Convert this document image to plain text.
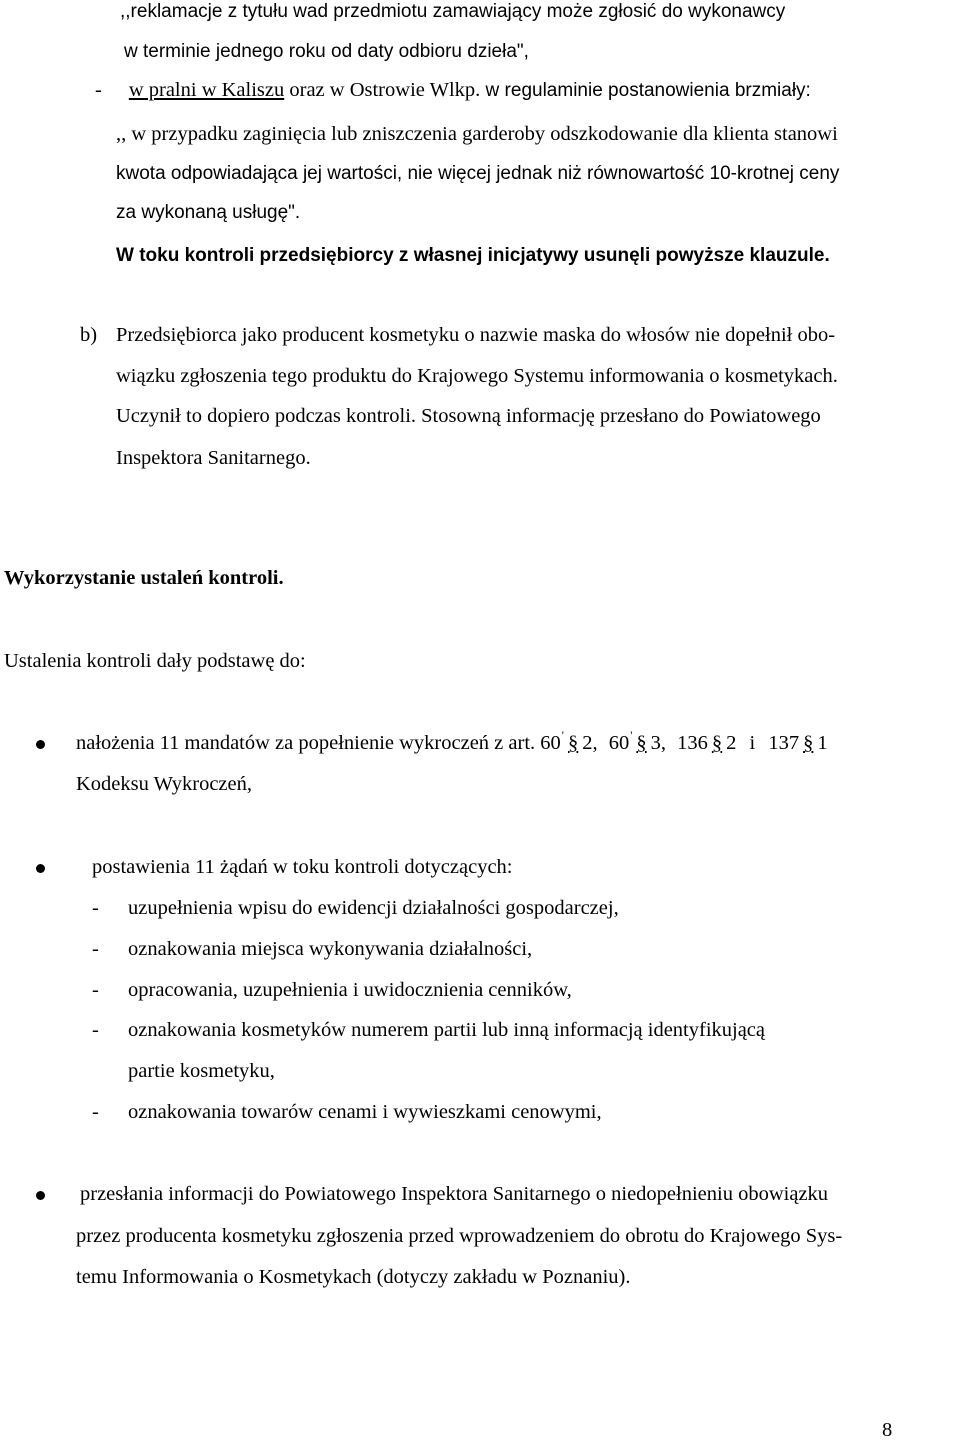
,,reklamacje z tytułu wad przedmiotu zamawiający może zgłosić do wykonawcy
w terminie jednego roku od daty odbioru dzieła",
- w pralni w Kaliszu oraz w Ostrowie Wlkp. w regulaminie postanowienia brzmiały:
,, w przypadku zaginięcia lub zniszczenia garderoby odszkodowanie dla klienta stanowi
kwota odpowiadająca jej wartości, nie więcej jednak niż równowartość 10-krotnej ceny
za wykonaną usługę".
W toku kontroli przedsiębiorcy z własnej inicjatywy usunęli powyższe klauzule.
b) Przedsiębiorca jako producent kosmetyku o nazwie maska do włosów nie dopełnił obo-
wiązku zgłoszenia tego produktu do Krajowego Systemu informowania o kosmetykach.
Uczynił to dopiero podczas kontroli. Stosowną informację przesłano do Powiatowego
Inspektora Sanitarnego.
Wykorzystanie ustaleń kontroli.
Ustalenia kontroli dały podstawę do:
nałożenia 11 mandatów za popełnienie wykroczeń z art. 60' § 2, 60' § 3, 136 § 2 i 137 § 1
Kodeksu Wykroczeń,
postawienia 11 żądań w toku kontroli dotyczących:
- uzupełnienia wpisu do ewidencji działalności gospodarczej,
- oznakowania miejsca wykonywania działalności,
- opracowania, uzupełnienia i uwidocznienia cenników,
- oznakowania kosmetyków numerem partii lub inną informacją identyfikującą
partie kosmetyku,
- oznakowania towarów cenami i wywieszkami cenowymi,
przesłania informacji do Powiatowego Inspektora Sanitarnego o niedopełnieniu obowiązku
przez producenta kosmetyku zgłoszenia przed wprowadzeniem do obrotu do Krajowego Sys-
temu Informowania o Kosmetykach (dotyczy zakładu w Poznaniu).
8
